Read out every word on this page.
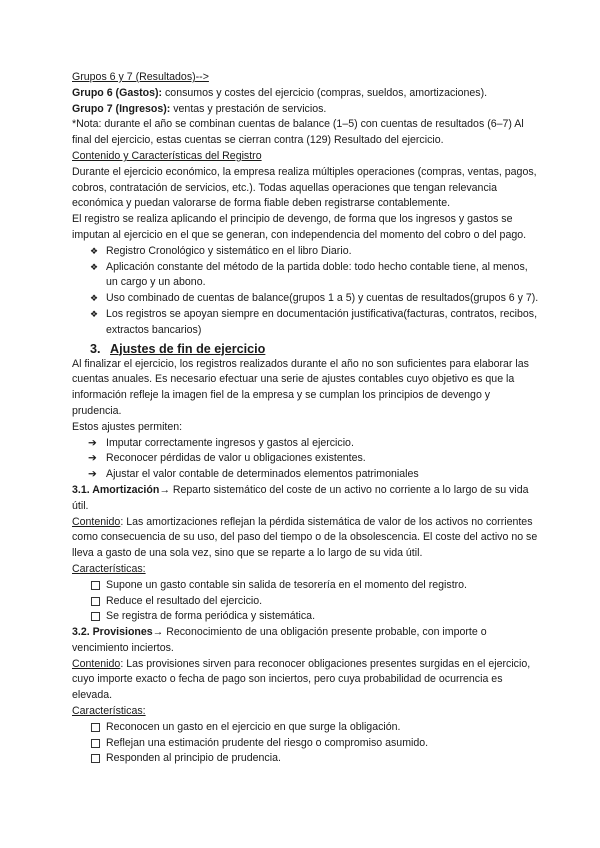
Grupos 6 y 7 (Resultados)-->

Grupo 6 (Gastos): consumos y costes del ejercicio (compras, sueldos, amortizaciones).

Grupo 7 (Ingresos): ventas y prestación de servicios.

*Nota: durante el año se combinan cuentas de balance (1–5) con cuentas de resultados (6–7) Al final del ejercicio, estas cuentas se cierran contra (129) Resultado del ejercicio.

Contenido y Características del Registro

Durante el ejercicio económico, la empresa realiza múltiples operaciones (compras, ventas, pagos, cobros, contratación de servicios, etc.). Todas aquellas operaciones que tengan relevancia económica y puedan valorarse de forma fiable deben registrarse contablemente.

El registro se realiza aplicando el principio de devengo, de forma que los ingresos y gastos se imputan al ejercicio en el que se generan, con independencia del momento del cobro o del pago.

❖ Registro Cronológico y sistemático en el libro Diario.
❖ Aplicación constante del método de la partida doble: todo hecho contable tiene, al menos, un cargo y un abono.
❖ Uso combinado de cuentas de balance(grupos 1 a 5) y cuentas de resultados(grupos 6 y 7).
❖ Los registros se apoyan siempre en documentación justificativa(facturas, contratos, recibos, extractos bancarios)
3. Ajustes de fin de ejercicio

Al finalizar el ejercicio, los registros realizados durante el año no son suficientes para elaborar las cuentas anuales. Es necesario efectuar una serie de ajustes contables cuyo objetivo es que la información refleje la imagen fiel de la empresa y se cumplan los principios de devengo y prudencia.

Estos ajustes permiten:

➔ Imputar correctamente ingresos y gastos al ejercicio.
➔ Reconocer pérdidas de valor u obligaciones existentes.
➔ Ajustar el valor contable de determinados elementos patrimoniales

3.1. Amortización→ Reparto sistemático del coste de un activo no corriente a lo largo de su vida útil.

Contenido: Las amortizaciones reflejan la pérdida sistemática de valor de los activos no corrientes como consecuencia de su uso, del paso del tiempo o de la obsolescencia. El coste del activo no se lleva a gasto de una sola vez, sino que se reparte a lo largo de su vida útil.

Características:

Supone un gasto contable sin salida de tesorería en el momento del registro.
Reduce el resultado del ejercicio.
Se registra de forma periódica y sistemática.

3.2. Provisiones→ Reconocimiento de una obligación presente probable, con importe o vencimiento inciertos.

Contenido: Las provisiones sirven para reconocer obligaciones presentes surgidas en el ejercicio, cuyo importe exacto o fecha de pago son inciertos, pero cuya probabilidad de ocurrencia es elevada.

Características:

Reconocen un gasto en el ejercicio en que surge la obligación.
Reflejan una estimación prudente del riesgo o compromiso asumido.
Responden al principio de prudencia.
